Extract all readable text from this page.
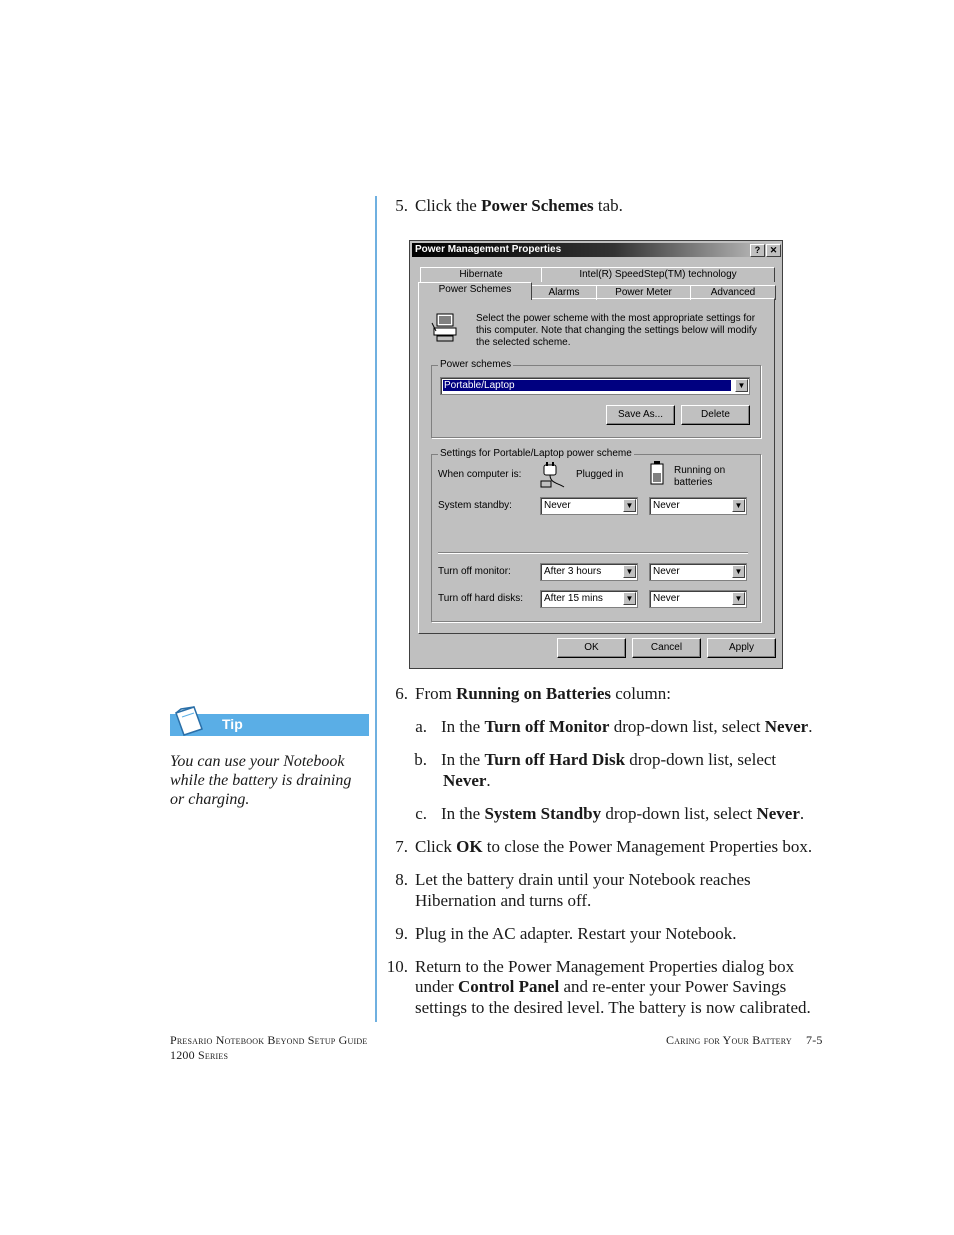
5. Click the Power Schemes tab.
Power Management Properties	?	✕
Hibernate	Intel(R) SpeedStep(TM) technology
Power Schemes	Alarms	Power Meter	Advanced
Select the power scheme with the most appropriate settings for
this computer. Note that changing the settings below will modify
the selected scheme.
Power schemes
Portable/Laptop	▼
Save As...	Delete
Settings for Portable/Laptop power scheme
When computer is:	Plugged in	Running on
batteries
System standby:	Never	▼ Never	▼
Turn off monitor:	After 3 hours	▼ Never	▼
Turn off hard disks: After 15 mins	▼ Never	▼
OK	Cancel	Apply
6. From Running on Batteries column:
a. In the Turn off Monitor drop-down list, select Never.
b. In the Turn off Hard Disk drop-down list, select
Never.
c. In the System Standby drop-down list, select Never.
7. Click OK to close the Power Management Properties box.
8. Let the battery drain until your Notebook reaches
Hibernation and turns off.
9. Plug in the AC adapter. Restart your Notebook.
10. Return to the Power Management Properties dialog box
under Control Panel and re-enter your Power Savings
settings to the desired level. The battery is now calibrated.
Tip
You can use your Notebook
while the battery is draining
or charging.
Presario Notebook Beyond Setup Guide
1200 Series
Caring for Your Battery 7-5
